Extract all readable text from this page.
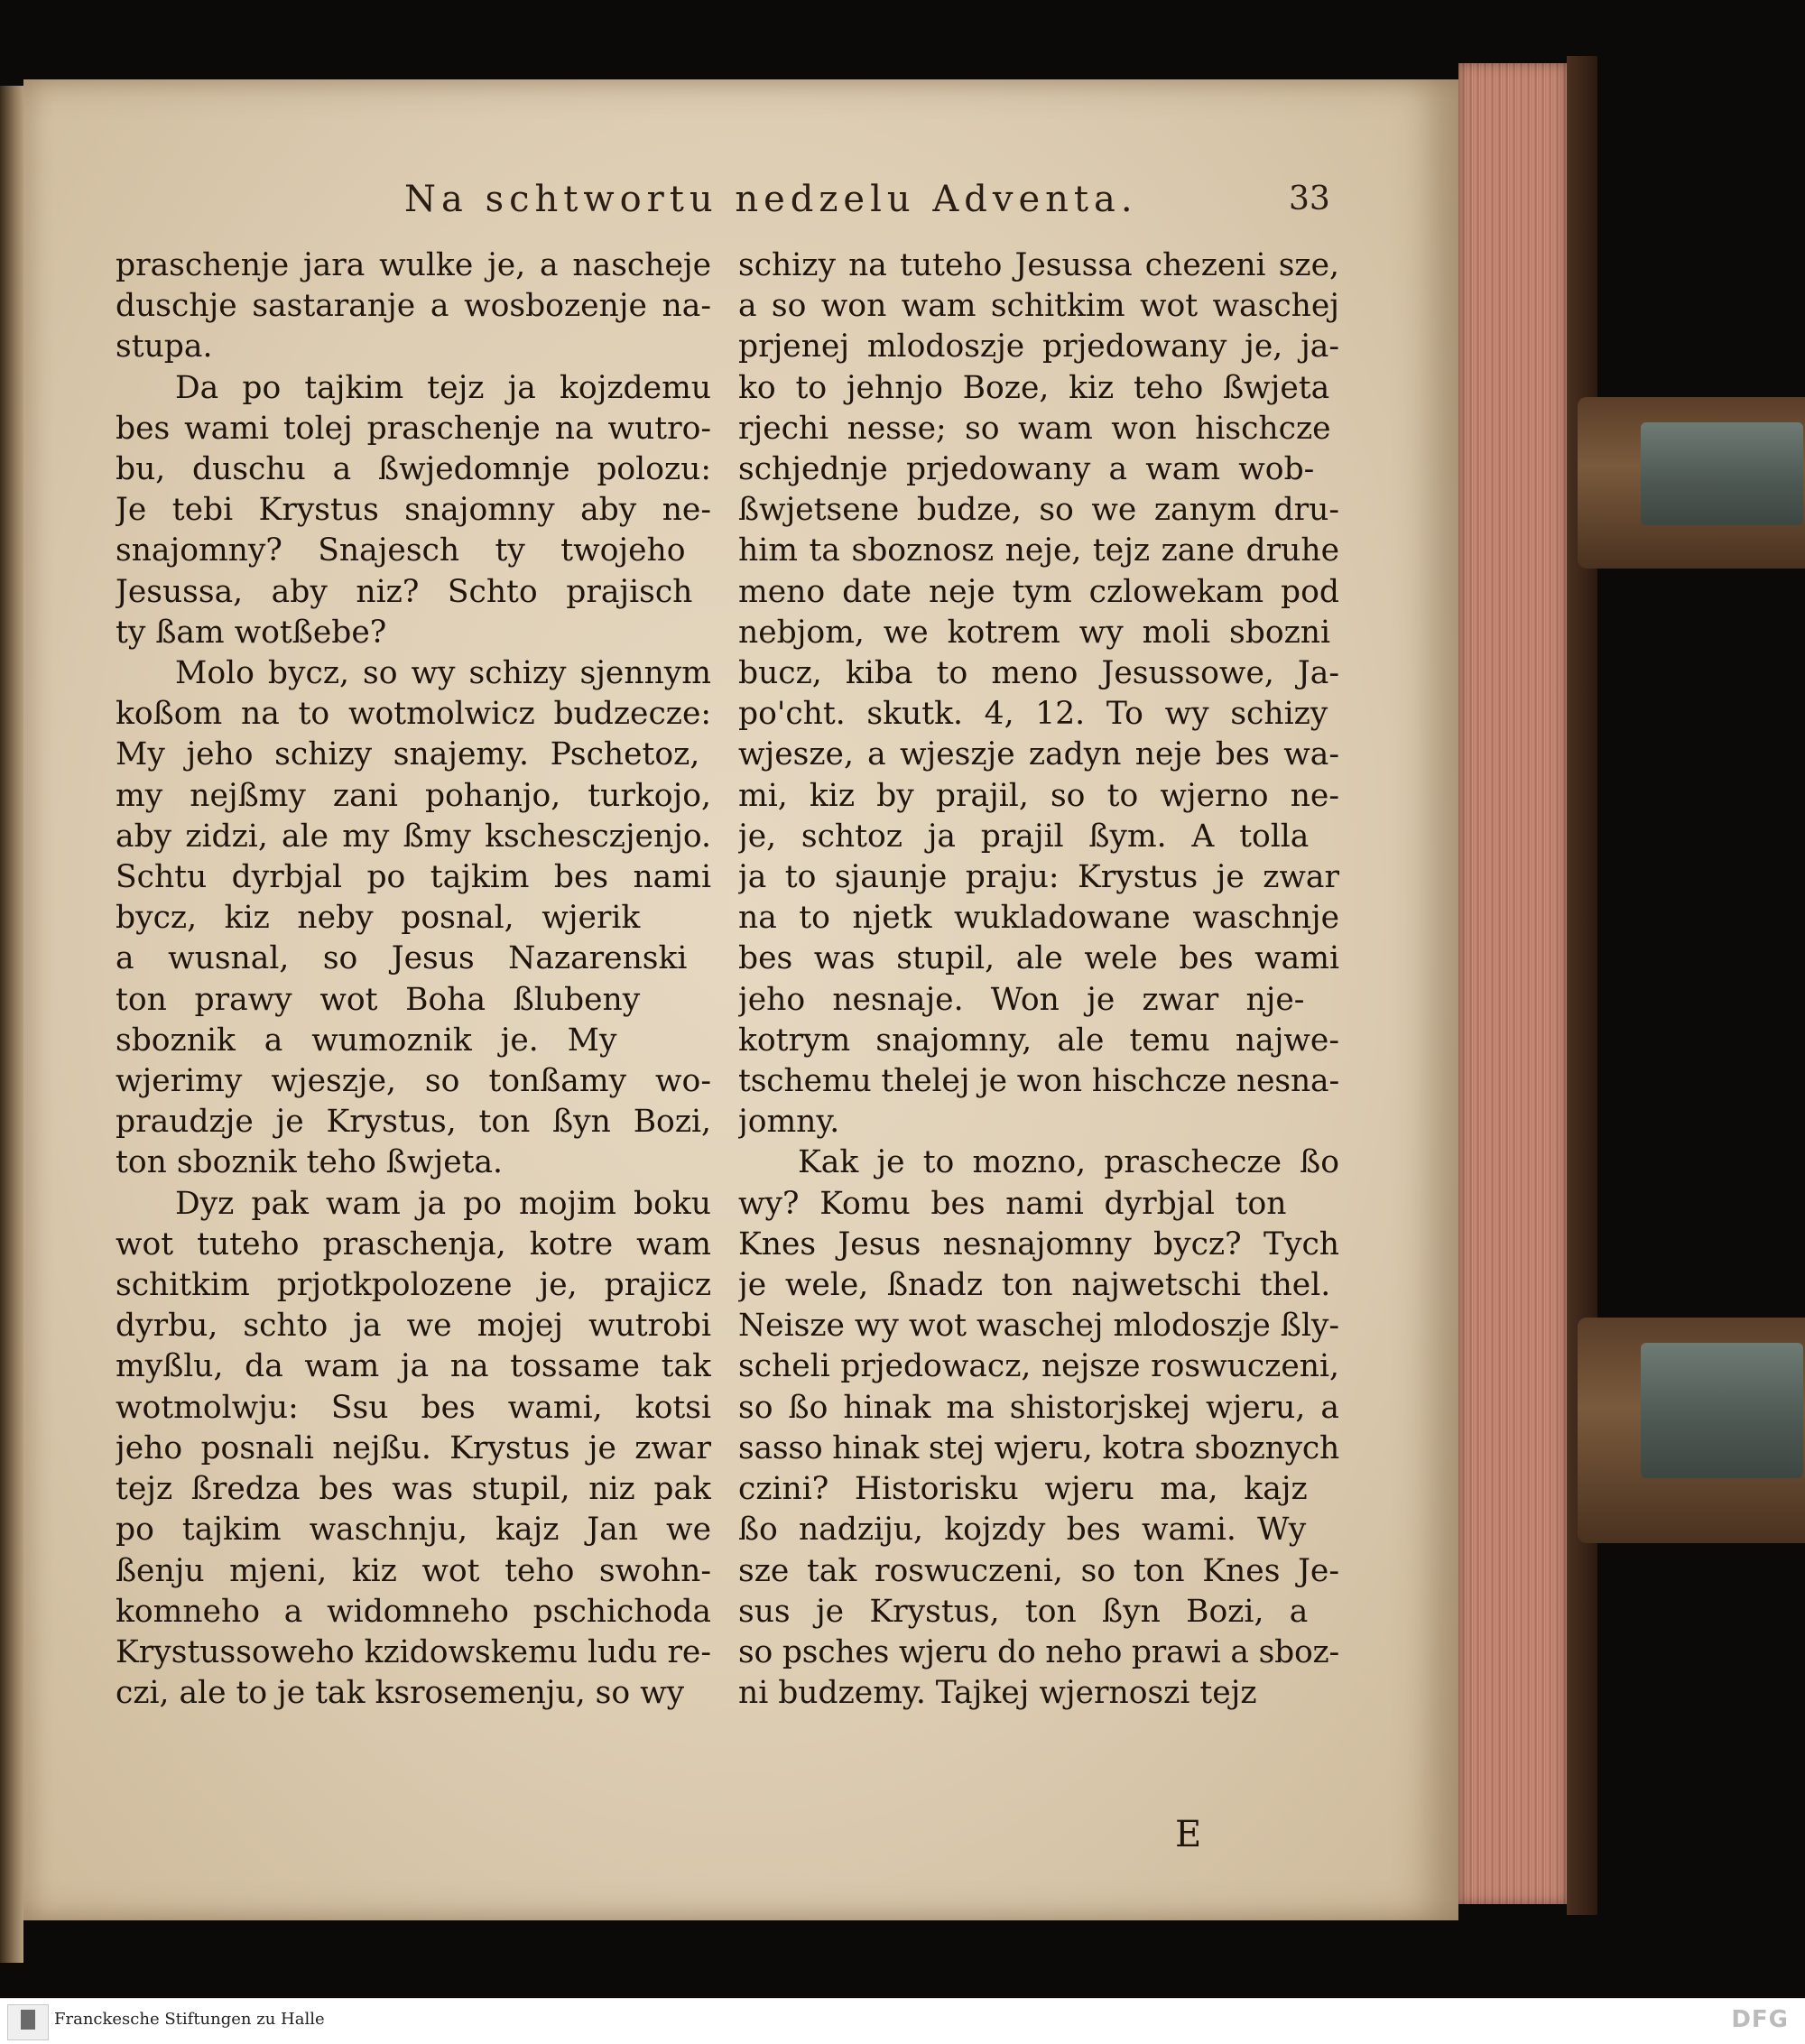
Na schtwortu nedzelu Adventa.	33
praschenje jara wulke je, a nascheje
duschje sastaranje a wosbozenje na-
stupa.
Da po tajkim tejz ja kojzdemu
bes wami tolej praschenje na wutro-
bu, duschu a ßwjedomnje polozu:
Je tebi Krystus snajomny aby ne-
snajomny? Snajesch ty twojeho
Jesussa, aby niz? Schto prajisch
ty ßam wotßebe?
Molo bycz, so wy schizy sjennym
koßom na to wotmolwicz budzecze:
My jeho schizy snajemy. Pschetoz,
my nejßmy zani pohanjo, turkojo,
aby zidzi, ale my ßmy kschesczjenjo.
Schtu dyrbjal po tajkim bes nami
bycz, kiz neby posnal, wjerik
a wusnal, so Jesus Nazarenski
ton prawy wot Boha ßlubeny
sboznik a wumoznik je. My
wjerimy wjeszje, so tonßamy wo-
praudzje je Krystus, ton ßyn Bozi,
ton sboznik teho ßwjeta.
Dyz pak wam ja po mojim boku
wot tuteho praschenja, kotre wam
schitkim prjotkpolozene je, prajicz
dyrbu, schto ja we mojej wutrobi
myßlu, da wam ja na tossame tak
wotmolwju: Ssu bes wami, kotsi
jeho posnali nejßu. Krystus je zwar
tejz ßredza bes was stupil, niz pak
po tajkim waschnju, kajz Jan we
ßenju mjeni, kiz wot teho swohn-
komneho a widomneho pschichoda
Krystussoweho kzidowskemu ludu re-
czi, ale to je tak ksrosemenju, so wy
schizy na tuteho Jesussa chezeni sze,
a so won wam schitkim wot waschej
prjenej mlodoszje prjedowany je, ja-
ko to jehnjo Boze, kiz teho ßwjeta
rjechi nesse; so wam won hischcze
schjednje prjedowany a wam wob-
ßwjetsene budze, so we zanym dru-
him ta sboznosz neje, tejz zane druhe
meno date neje tym czlowekam pod
nebjom, we kotrem wy moli sbozni
bucz, kiba to meno Jesussowe, Ja-
po'cht. skutk. 4, 12. To wy schizy
wjesze, a wjeszje zadyn neje bes wa-
mi, kiz by prajil, so to wjerno ne-
je, schtoz ja prajil ßym. A tolla
ja to sjaunje praju: Krystus je zwar
na to njetk wukladowane waschnje
bes was stupil, ale wele bes wami
jeho nesnaje. Won je zwar nje-
kotrym snajomny, ale temu najwe-
tschemu thelej je won hischcze nesna-
jomny.
Kak je to mozno, praschecze ßo
wy? Komu bes nami dyrbjal ton
Knes Jesus nesnajomny bycz? Tych
je wele, ßnadz ton najwetschi thel.
Neisze wy wot waschej mlodoszje ßly-
scheli prjedowacz, nejsze roswuczeni,
so ßo hinak ma shistorjskej wjeru, a
sasso hinak stej wjeru, kotra sboznych
czini? Historisku wjeru ma, kajz
ßo nadziju, kojzdy bes wami. Wy
sze tak roswuczeni, so ton Knes Je-
sus je Krystus, ton ßyn Bozi, a
so psches wjeru do neho prawi a sboz-
ni budzemy. Tajkej wjernoszi tejz
E
Franckesche Stiftungen zu Halle	DFG
